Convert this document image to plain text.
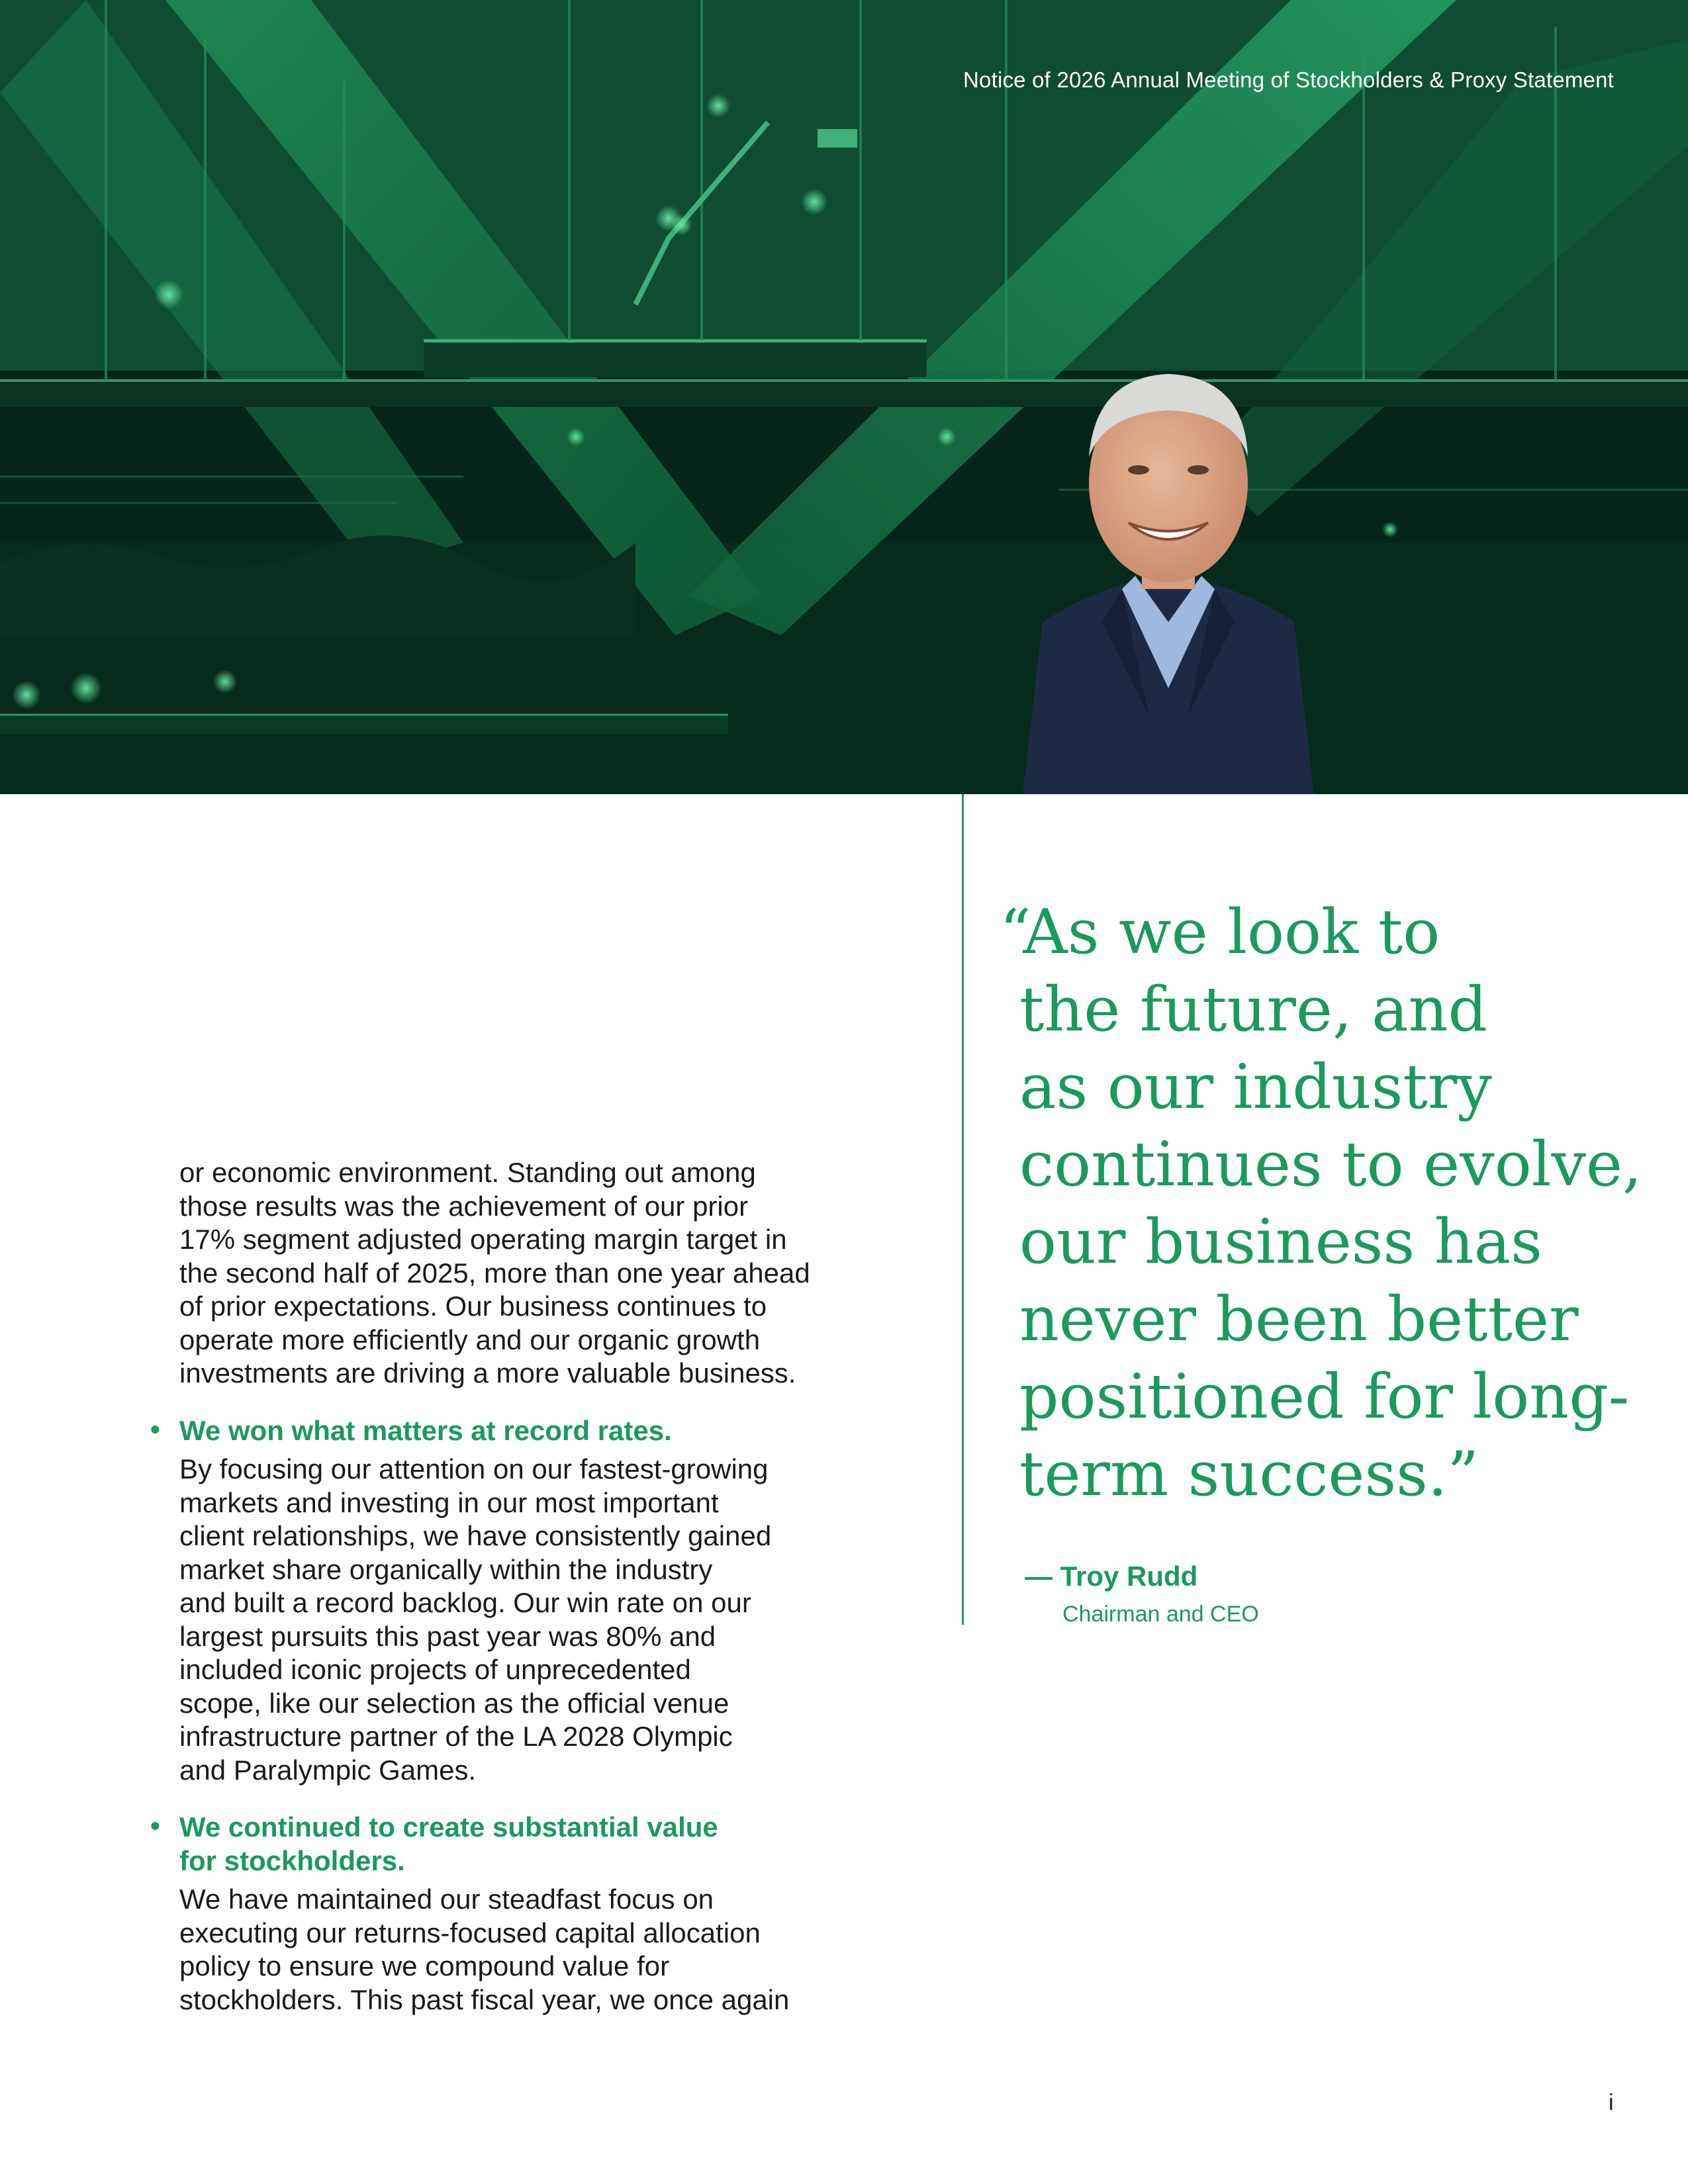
Notice of 2026 Annual Meeting of Stockholders & Proxy Statement

or economic environment. Standing out among

those results was the achievement of our prior

17% segment adjusted operating margin target in

the second half of 2025, more than one year ahead

of prior expectations. Our business continues to

operate more efficiently and our organic growth

investments are driving a more valuable business.

• We won what matters at record rates.

By focusing our attention on our fastest-growing

markets and investing in our most important

client relationships, we have consistently gained

market share organically within the industry

and built a record backlog. Our win rate on our

largest pursuits this past year was 80% and

included iconic projects of unprecedented

scope, like our selection as the official venue

infrastructure partner of the LA 2028 Olympic

and Paralympic Games.

• We continued to create substantial value

for stockholders.

We have maintained our steadfast focus on

executing our returns-focused capital allocation

policy to ensure we compound value for

stockholders. This past fiscal year, we once again

“As we look to
the future, and
as our industry
continues to evolve,
our business has
never been better
positioned for long-
term success.”
— Troy Rudd
Chairman and CEO
i
